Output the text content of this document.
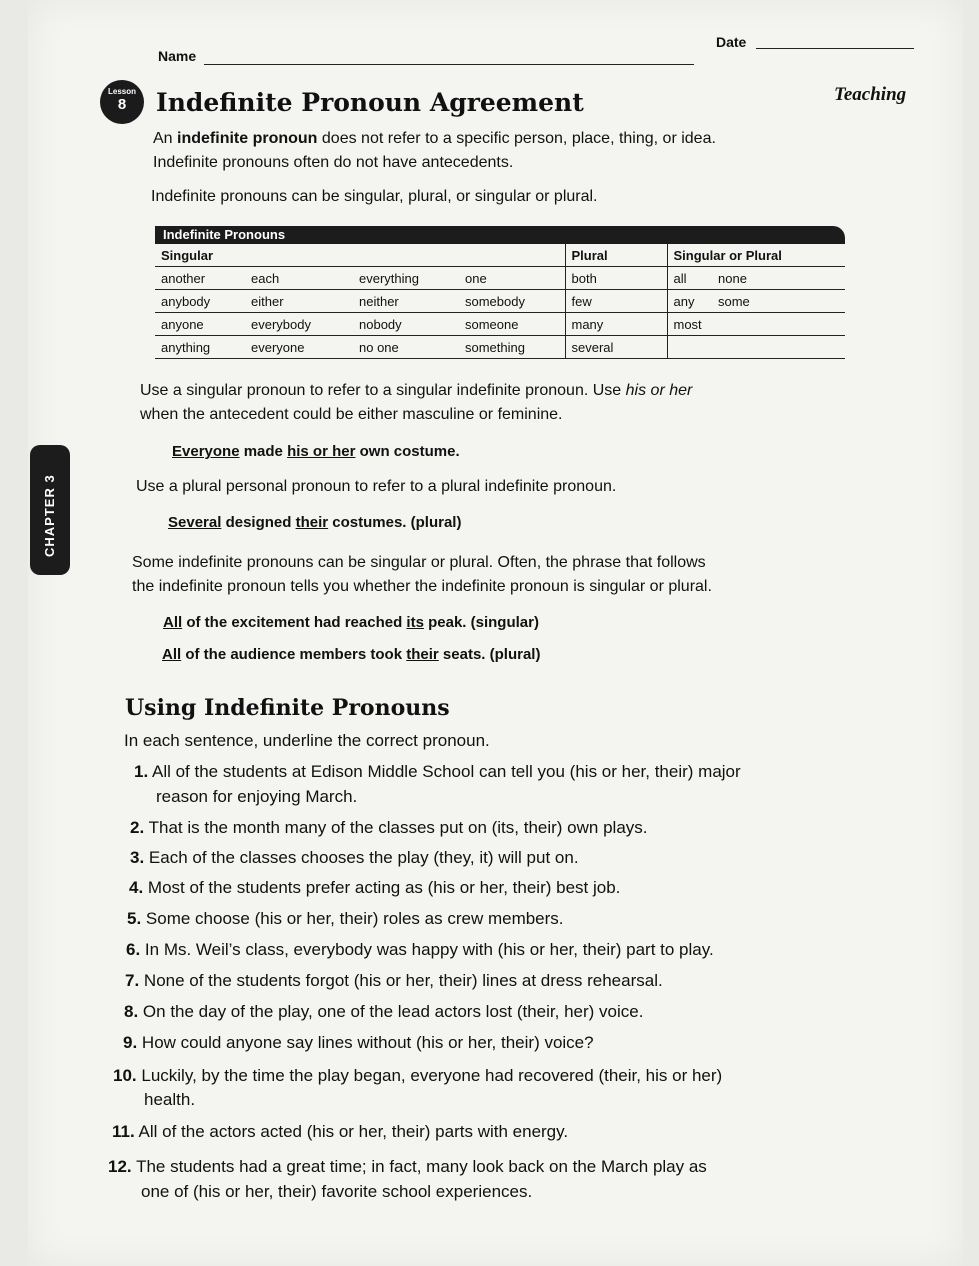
Name
Date
Lesson
8	Indefinite Pronoun Agreement	Teaching
An indefinite pronoun does not refer to a specific person, place, thing, or idea.
Indefinite pronouns often do not have antecedents.
Indefinite pronouns can be singular, plural, or singular or plural.
Indefinite Pronouns
Singular				Plural	Singular or Plural	
another	each	everything	one	both	all	none
anybody	either	neither	somebody	few	any	some
anyone	everybody	nobody	someone	many	most	
anything	everyone	no one	something	several		
Use a singular pronoun to refer to a singular indefinite pronoun. Use his or her
when the antecedent could be either masculine or feminine.
Everyone made his or her own costume.
Use a plural personal pronoun to refer to a plural indefinite pronoun.
Several designed their costumes. (plural)
Some indefinite pronouns can be singular or plural. Often, the phrase that follows
the indefinite pronoun tells you whether the indefinite pronoun is singular or plural.
All of the excitement had reached its peak. (singular)
All of the audience members took their seats. (plural)
Using Indefinite Pronouns
In each sentence, underline the correct pronoun.
1. All of the students at Edison Middle School can tell you (his or her, their) major
reason for enjoying March.
2. That is the month many of the classes put on (its, their) own plays.
3. Each of the classes chooses the play (they, it) will put on.
4. Most of the students prefer acting as (his or her, their) best job.
5. Some choose (his or her, their) roles as crew members.
6. In Ms. Weil’s class, everybody was happy with (his or her, their) part to play.
7. None of the students forgot (his or her, their) lines at dress rehearsal.
8. On the day of the play, one of the lead actors lost (their, her) voice.
9. How could anyone say lines without (his or her, their) voice?
10. Luckily, by the time the play began, everyone had recovered (their, his or her)
health.
11. All of the actors acted (his or her, their) parts with energy.
12. The students had a great time; in fact, many look back on the March play as
one of (his or her, their) favorite school experiences.
CHAPTER 3
